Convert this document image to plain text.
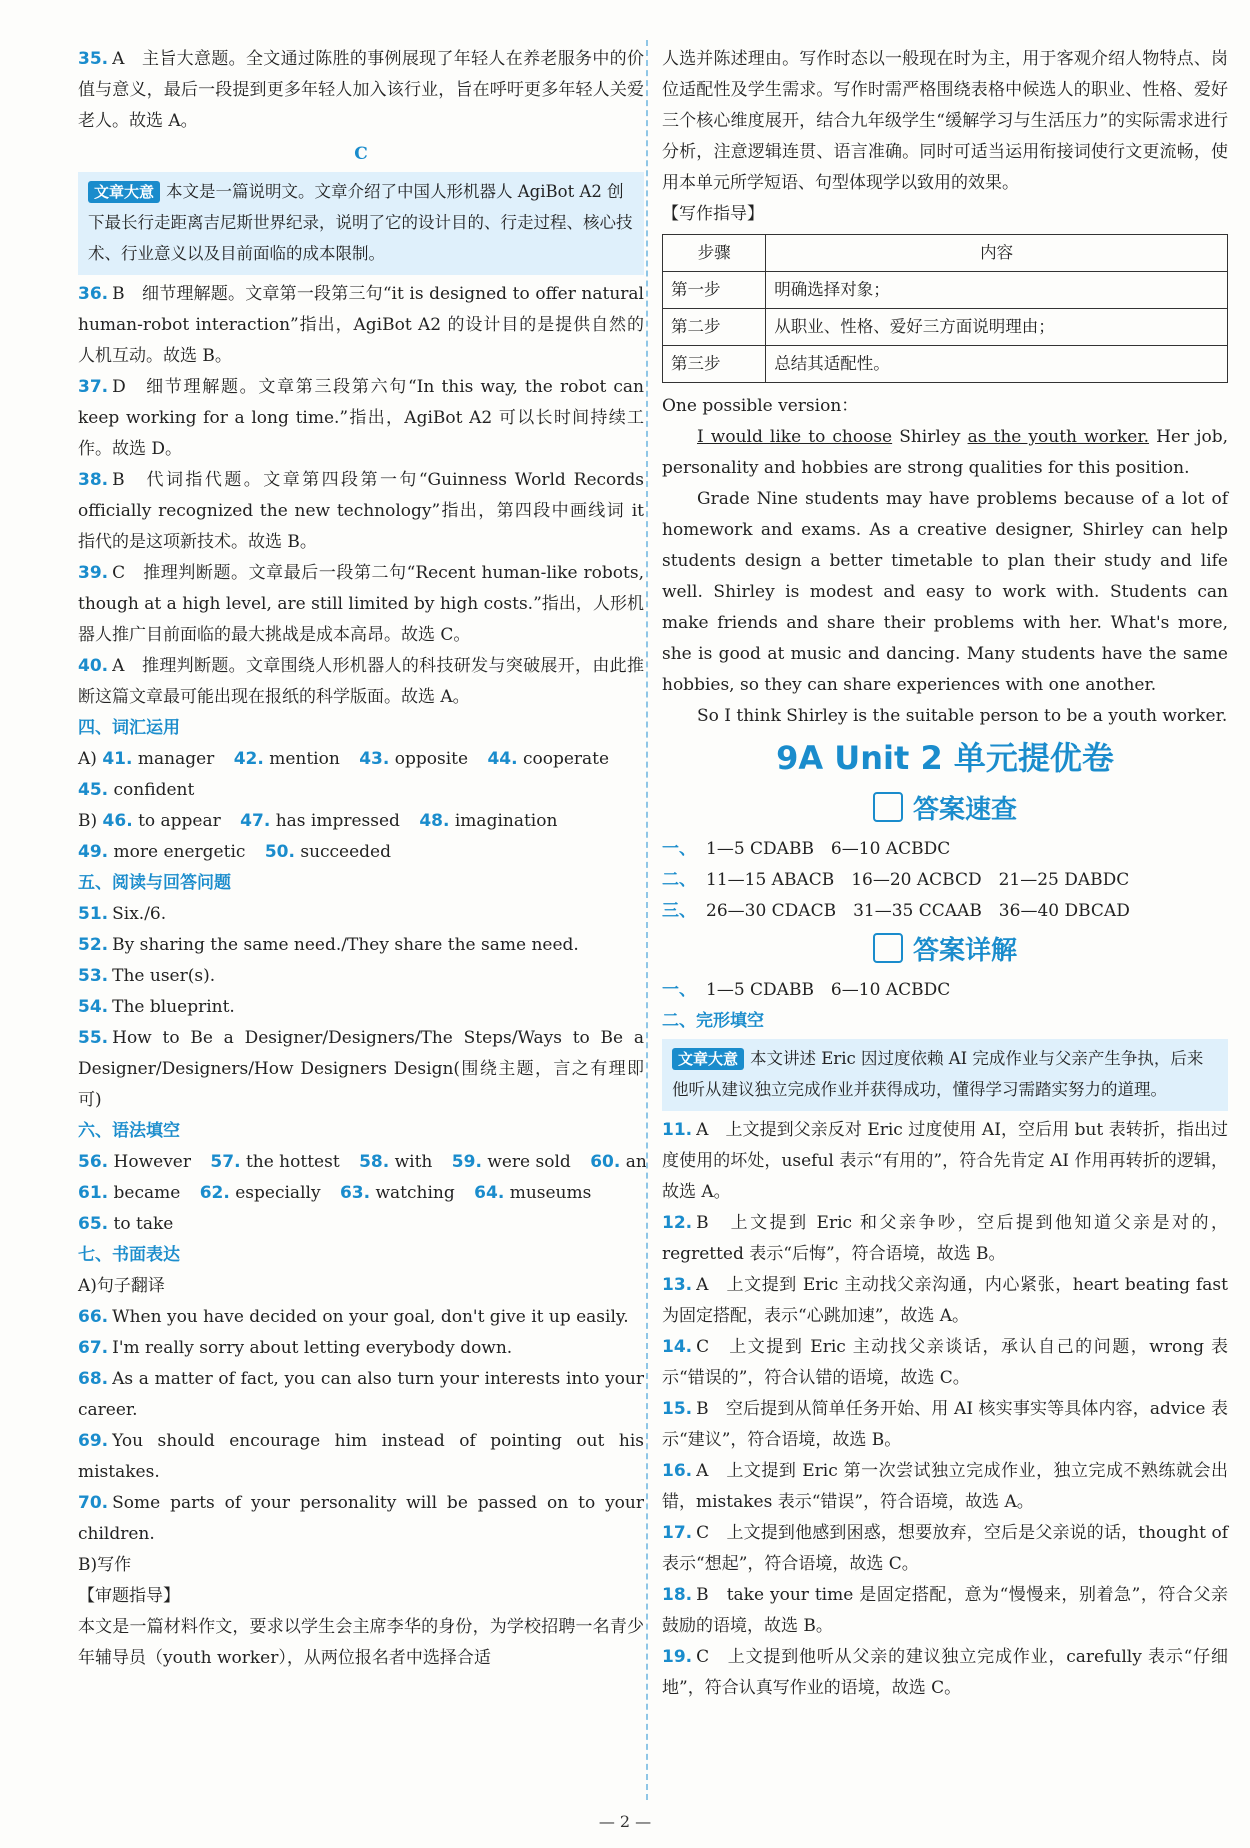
35. A　主旨大意题。全文通过陈胜的事例展现了年轻人在养老服务中的价值与意义，最后一段提到更多年轻人加入该行业，旨在呼吁更多年轻人关爱老人。故选 A。

C

文章大意 本文是一篇说明文。文章介绍了中国人形机器人 AgiBot A2 创下最长行走距离吉尼斯世界纪录，说明了它的设计目的、行走过程、核心技术、行业意义以及目前面临的成本限制。

36. B　细节理解题。文章第一段第三句“it is designed to offer natural human-robot interaction”指出，AgiBot A2 的设计目的是提供自然的人机互动。故选 B。

37. D　细节理解题。文章第三段第六句“In this way, the robot can keep working for a long time.”指出，AgiBot A2 可以长时间持续工作。故选 D。

38. B　代词指代题。文章第四段第一句“Guinness World Records officially recognized the new technology”指出，第四段中画线词 it 指代的是这项新技术。故选 B。

39. C　推理判断题。文章最后一段第二句“Recent human-like robots, though at a high level, are still limited by high costs.”指出，人形机器人推广目前面临的最大挑战是成本高昂。故选 C。

40. A　推理判断题。文章围绕人形机器人的科技研发与突破展开，由此推断这篇文章最可能出现在报纸的科学版面。故选 A。

四、词汇运用

A) 41. manager 42. mention 43. opposite 44. cooperate

45. confident

B) 46. to appear 47. has impressed 48. imagination

49. more energetic 50. succeeded

五、阅读与回答问题

51. Six./6.

52. By sharing the same need./They share the same need.

53. The user(s).

54. The blueprint.

55. How to Be a Designer/Designers/The Steps/Ways to Be a Designer/Designers/How Designers Design(围绕主题，言之有理即可)

六、语法填空

56. However 57. the hottest 58. with 59. were sold 60. an

61. became 62. especially 63. watching 64. museums

65. to take

七、书面表达

A)句子翻译

66. When you have decided on your goal, don't give it up easily.

67. I'm really sorry about letting everybody down.

68. As a matter of fact, you can also turn your interests into your career.

69. You should encourage him instead of pointing out his mistakes.

70. Some parts of your personality will be passed on to your children.

B)写作

【审题指导】

本文是一篇材料作文，要求以学生会主席李华的身份，为学校招聘一名青少年辅导员（youth worker），从两位报名者中选择合适

人选并陈述理由。写作时态以一般现在时为主，用于客观介绍人物特点、岗位适配性及学生需求。写作时需严格围绕表格中候选人的职业、性格、爱好三个核心维度展开，结合九年级学生“缓解学习与生活压力”的实际需求进行分析，注意逻辑连贯、语言准确。同时可适当运用衔接词使行文更流畅，使用本单元所学短语、句型体现学以致用的效果。

【写作指导】

步骤	内容
第一步	明确选择对象；
第二步	从职业、性格、爱好三方面说明理由；
第三步	总结其适配性。

One possible version：

I would like to choose Shirley as the youth worker. Her job, personality and hobbies are strong qualities for this position.

Grade Nine students may have problems because of a lot of homework and exams. As a creative designer, Shirley can help students design a better timetable to plan their study and life well. Shirley is modest and easy to work with. Students can make friends and share their problems with her. What's more, she is good at music and dancing. Many students have the same hobbies, so they can share experiences with one another.

So I think Shirley is the suitable person to be a youth worker.

9A Unit 2 单元提优卷
答案速查

一、 1—5 CDABB　6—10 ACBDC

二、 11—15 ABACB　16—20 ACBCD　21—25 DABDC

三、 26—30 CDACB　31—35 CCAAB　36—40 DBCAD

答案详解

一、 1—5 CDABB　6—10 ACBDC

二、完形填空

文章大意 本文讲述 Eric 因过度依赖 AI 完成作业与父亲产生争执，后来他听从建议独立完成作业并获得成功，懂得学习需踏实努力的道理。

11. A　上文提到父亲反对 Eric 过度使用 AI，空后用 but 表转折，指出过度使用的坏处，useful 表示“有用的”，符合先肯定 AI 作用再转折的逻辑，故选 A。

12. B　上文提到 Eric 和父亲争吵，空后提到他知道父亲是对的，regretted 表示“后悔”，符合语境，故选 B。

13. A　上文提到 Eric 主动找父亲沟通，内心紧张，heart beating fast 为固定搭配，表示“心跳加速”，故选 A。

14. C　上文提到 Eric 主动找父亲谈话，承认自己的问题，wrong 表示“错误的”，符合认错的语境，故选 C。

15. B　空后提到从简单任务开始、用 AI 核实事实等具体内容，advice 表示“建议”，符合语境，故选 B。

16. A　上文提到 Eric 第一次尝试独立完成作业，独立完成不熟练就会出错，mistakes 表示“错误”，符合语境，故选 A。

17. C　上文提到他感到困惑，想要放弃，空后是父亲说的话，thought of 表示“想起”，符合语境，故选 C。

18. B　take your time 是固定搭配，意为“慢慢来，别着急”，符合父亲鼓励的语境，故选 B。

19. C　上文提到他听从父亲的建议独立完成作业，carefully 表示“仔细地”，符合认真写作业的语境，故选 C。

— 2 —
